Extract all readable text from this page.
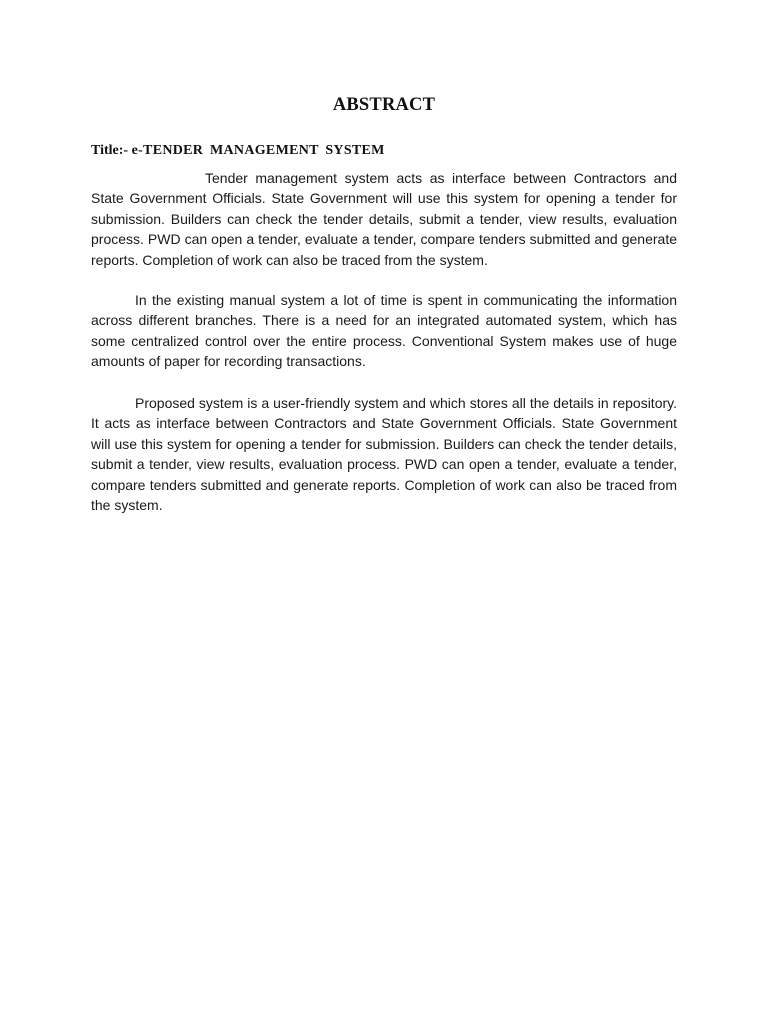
ABSTRACT
Title:- e-TENDER MANAGEMENT SYSTEM

Tender management system acts as interface between Contractors and State Government Officials. State Government will use this system for opening a tender for submission. Builders can check the tender details, submit a tender, view results, evaluation process. PWD can open a tender, evaluate a tender, compare tenders submitted and generate reports. Completion of work can also be traced from the system.

In the existing manual system a lot of time is spent in communicating the information across different branches. There is a need for an integrated automated system, which has some centralized control over the entire process. Conventional System makes use of huge amounts of paper for recording transactions.

Proposed system is a user-friendly system and which stores all the details in repository. It acts as interface between Contractors and State Government Officials. State Government will use this system for opening a tender for submission. Builders can check the tender details, submit a tender, view results, evaluation process. PWD can open a tender, evaluate a tender, compare tenders submitted and generate reports. Completion of work can also be traced from the system.
